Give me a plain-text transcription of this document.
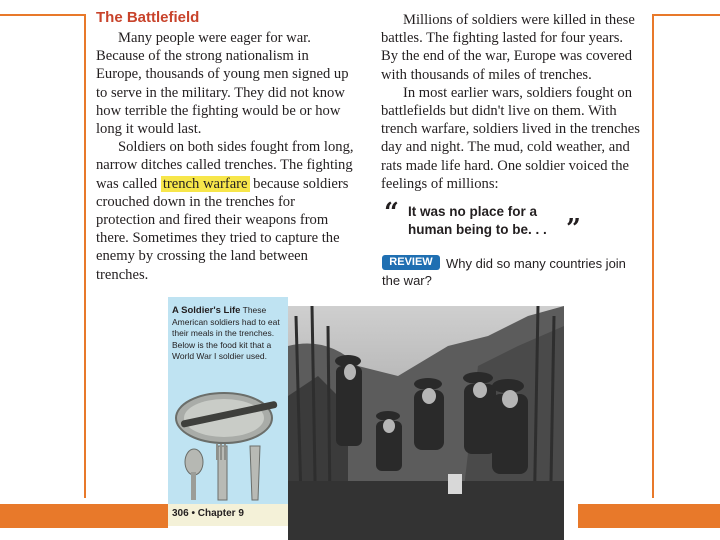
The Battlefield

Many people were eager for war. Because of the strong nationalism in Europe, thousands of young men signed up to serve in the military. They did not know how terrible the fighting would be or how long it would last.

Soldiers on both sides fought from long, narrow ditches called trenches. The fighting was called trench warfare because soldiers crouched down in the trenches for protection and fired their weapons from there. Sometimes they tried to capture the enemy by crossing the land between trenches.

Millions of soldiers were killed in these battles. The fighting lasted for four years. By the end of the war, Europe was covered with thousands of miles of trenches.

In most earlier wars, soldiers fought on battlefields but didn't live on them. With trench warfare, soldiers lived in the trenches day and night. The mud, cold weather, and rats made life hard. One soldier voiced the feelings of millions:

“ It was no place for a
human being to be. . . ”
Why did so many countries join the war?
REVIEW
A Soldier's Life These American soldiers had to eat their meals in the trenches. Below is the food kit that a World War I soldier used.
306 • Chapter 9
